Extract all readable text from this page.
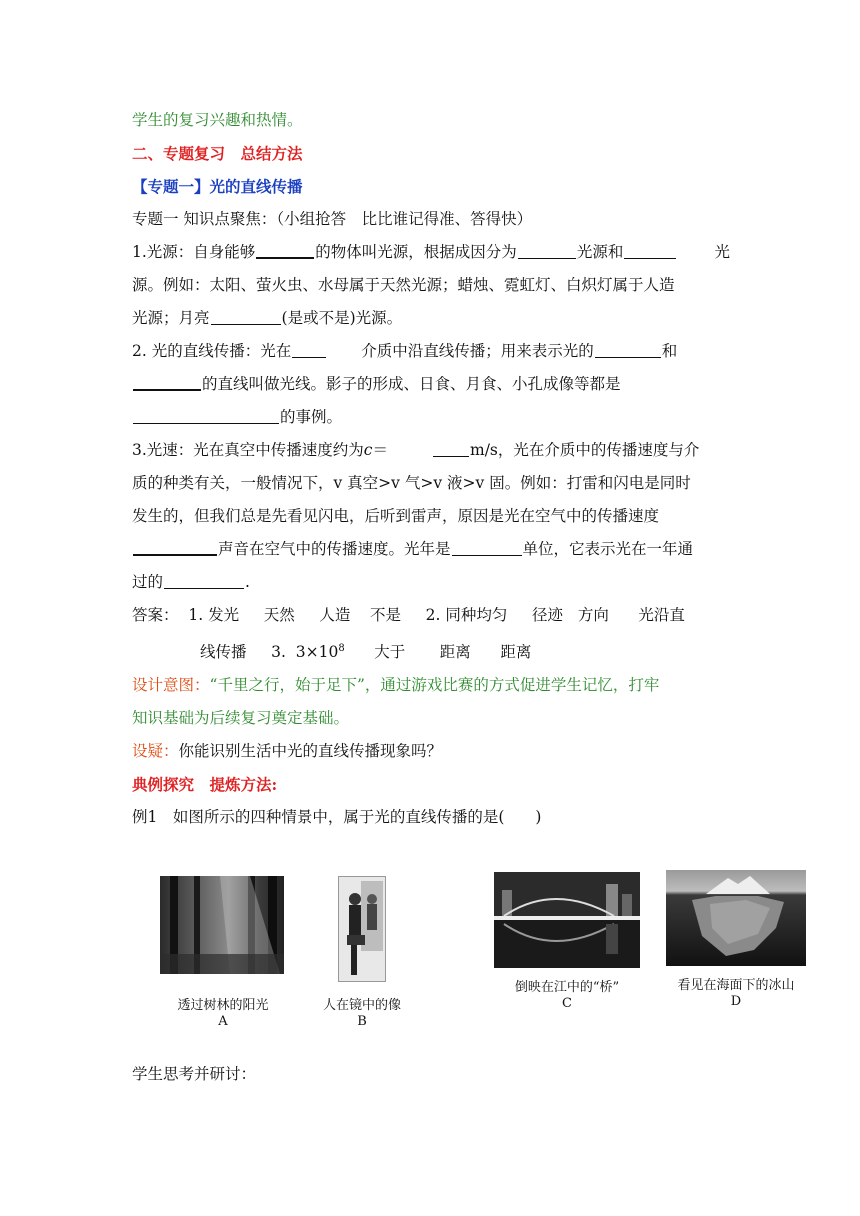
学生的复习兴趣和热情。
二、专题复习　总结方法
【专题一】光的直线传播
专题一 知识点聚焦：（小组抢答　比比谁记得准、答得快）
1.光源：自身能够	的物体叫光源，根据成因分为	光源和	光
源。例如：太阳、萤火虫、水母属于天然光源；蜡烛、霓虹灯、白炽灯属于人造
光源；月亮	(是或不是)光源。
2. 光的直线传播：光在	介质中沿直线传播；用来表示光的	和
的直线叫做光线。影子的形成、日食、月食、小孔成像等都是
的事例。
3.光速：光在真空中传播速度约为c＝	m/s，光在介质中的传播速度与介
质的种类有关，一般情况下，v 真空>v 气>v 液>v 固。例如：打雷和闪电是同时
发生的，但我们总是先看见闪电，后听到雷声，原因是光在空气中的传播速度
声音在空气中的传播速度。光年是	单位，它表示光在一年通
过的	.
答案：  1. 发光     天然     人造    不是     2. 同种均匀     径迹   方向      光沿直
线传播     3.  $3\times 10^8$      大于       距离      距离
设计意图：“千里之行，始于足下”，通过游戏比赛的方式促进学生记忆，打牢
知识基础为后续复习奠定基础。
设疑：你能识别生活中光的直线传播现象吗？
典例探究　提炼方法:
例1　如图所示的四种情景中，属于光的直线传播的是(　　)
透过树林的阳光
A
人在镜中的像
B
倒映在江中的“桥”
C
看见在海面下的冰山
D
学生思考并研讨：
